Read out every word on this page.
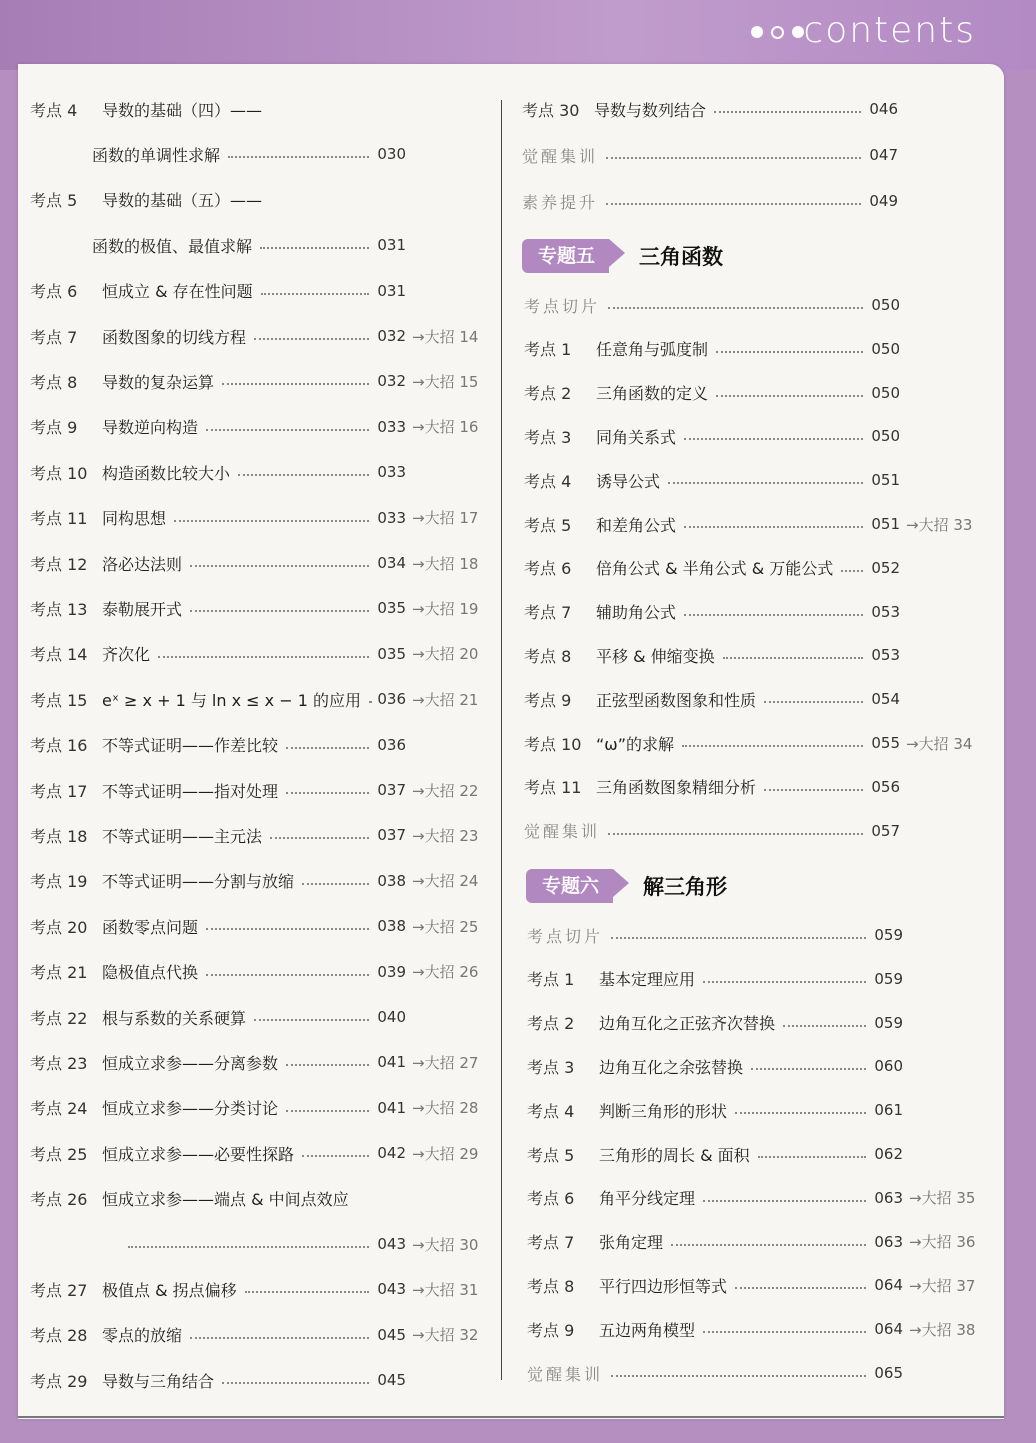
contents
专题五	三角函数
专题六	解三角形
考点 4	导数的基础（四）——
函数的单调性求解	030
考点 5	导数的基础（五）——
函数的极值、最值求解	031
考点 6	恒成立 & 存在性问题	031
考点 7	函数图象的切线方程	032 →大招 14
考点 8	导数的复杂运算	032 →大招 15
考点 9	导数逆向构造	033 →大招 16
考点 10 构造函数比较大小	033
考点 11 同构思想	033 →大招 17
考点 12 洛必达法则	034 →大招 18
考点 13 泰勒展开式	035 →大招 19
考点 14 齐次化	035 →大招 20
考点 15 eˣ ≥ x + 1 与 ln x ≤ x − 1 的应用 036 →大招 21
考点 16 不等式证明——作差比较	036
考点 17 不等式证明——指对处理	037 →大招 22
考点 18 不等式证明——主元法	037 →大招 23
考点 19 不等式证明——分割与放缩	038 →大招 24
考点 20 函数零点问题	038 →大招 25
考点 21 隐极值点代换	039 →大招 26
考点 22 根与系数的关系硬算	040
考点 23 恒成立求参——分离参数	041 →大招 27
考点 24 恒成立求参——分类讨论	041 →大招 28
考点 25 恒成立求参——必要性探路	042 →大招 29
考点 26 恒成立求参——端点 & 中间点效应
043 →大招 30
考点 27 极值点 & 拐点偏移	043 →大招 31
考点 28 零点的放缩	045 →大招 32
考点 29 导数与三角结合	045
考点 30 导数与数列结合	046
觉醒集训	047
素养提升	049
考点切片	050
考点 1	任意角与弧度制	050
考点 2	三角函数的定义	050
考点 3	同角关系式	050
考点 4	诱导公式	051
考点 5	和差角公式	051 →大招 33
考点 6	倍角公式 & 半角公式 & 万能公式	052
考点 7	辅助角公式	053
考点 8	平移 & 伸缩变换	053
考点 9	正弦型函数图象和性质	054
考点 10 “ω”的求解	055 →大招 34
考点 11 三角函数图象精细分析	056
觉醒集训	057
考点切片	059
考点 1	基本定理应用	059
考点 2	边角互化之正弦齐次替换	059
考点 3	边角互化之余弦替换	060
考点 4	判断三角形的形状	061
考点 5	三角形的周长 & 面积	062
考点 6	角平分线定理	063 →大招 35
考点 7	张角定理	063 →大招 36
考点 8	平行四边形恒等式	064 →大招 37
考点 9	五边两角模型	064 →大招 38
觉醒集训	065
